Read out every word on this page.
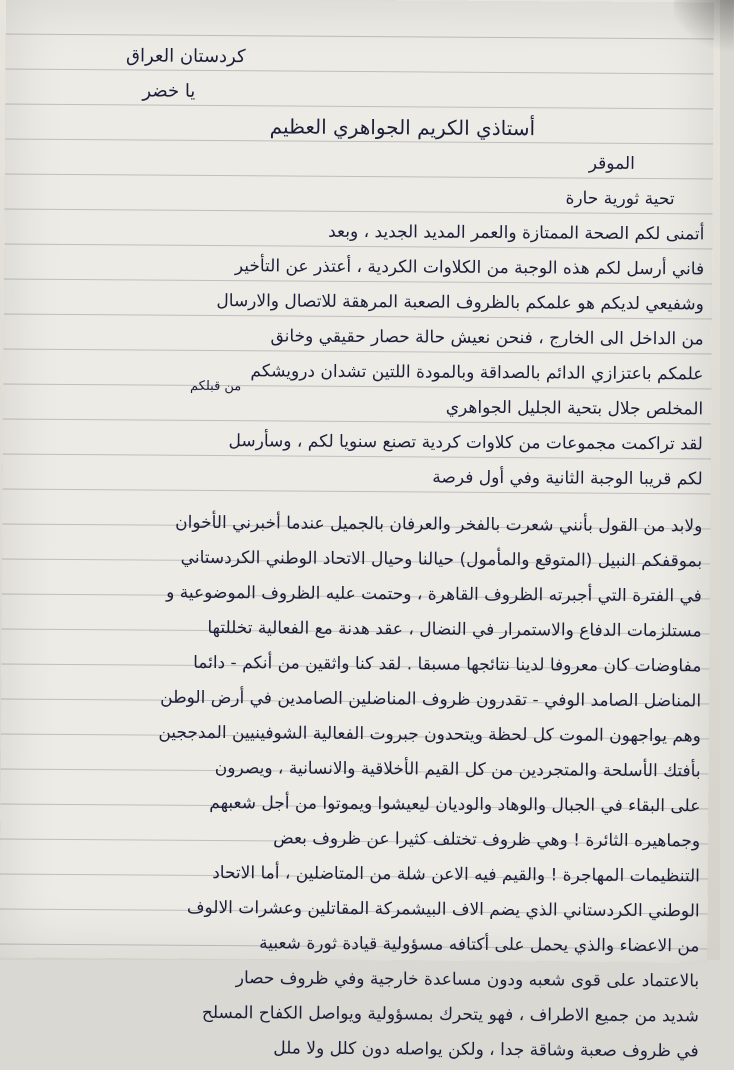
كردستان العراق
يا خضر
أستاذي الكريم الجواهري العظيم
الموقر
تحية ثورية حارة
أتمنى لكم الصحة الممتازة والعمر المديد الجديد ، وبعد
فاني أرسل لكم هذه الوجبة من الكلاوات الكردية ، أعتذر عن التأخير
وشفيعي لديكم هو علمكم بالظروف الصعبة المرهقة للاتصال والارسال
من الداخل الى الخارج ، فنحن نعيش حالة حصار حقيقي وخانق
علمكم باعتزازي الدائم بالصداقة وبالمودة اللتين تشدان درويشكم
المخلص جلال بتحية الجليل الجواهري
لقد تراكمت مجموعات من كلاوات كردية تصنع سنويا لكم ، وسأرسل
لكم قريبا الوجبة الثانية وفي أول فرصة
ولابد من القول بأنني شعرت بالفخر والعرفان بالجميل عندما أخبرني الأخوان
بموقفكم النبيل (المتوقع والمأمول) حيالنا وحيال الاتحاد الوطني الكردستاني
في الفترة التي أجبرته الظروف القاهرة ، وحتمت عليه الظروف الموضوعية و
مستلزمات الدفاع والاستمرار في النضال ، عقد هدنة مع الفعالية تخللتها
مفاوضات كان معروفا لدينا نتائجها مسبقا . لقد كنا واثقين من أنكم - دائما
المناضل الصامد الوفي - تقدرون ظروف المناضلين الصامدين في أرض الوطن
وهم يواجهون الموت كل لحظة ويتحدون جبروت الفعالية الشوفينيين المدججين
بأفتك الأسلحة والمتجردين من كل القيم الأخلاقية والانسانية ، ويصرون
على البقاء في الجبال والوهاد والوديان ليعيشوا ويموتوا من أجل شعبهم
وجماهيره الثائرة ! وهي ظروف تختلف كثيرا عن ظروف بعض
التنظيمات المهاجرة ! والقيم فيه الاعن شلة من المتاضلين ، أما الاتحاد
الوطني الكردستاني الذي يضم الاف البيشمركة المقاتلين وعشرات الالوف
من الاعضاء والذي يحمل على أكتافه مسؤولية قيادة ثورة شعبية
بالاعتماد على قوى شعبه ودون مساعدة خارجية وفي ظروف حصار
شديد من جميع الاطراف ، فهو يتحرك بمسؤولية ويواصل الكفاح المسلح
في ظروف صعبة وشاقة جدا ، ولكن يواصله دون كلل ولا ملل
من قبلكم
